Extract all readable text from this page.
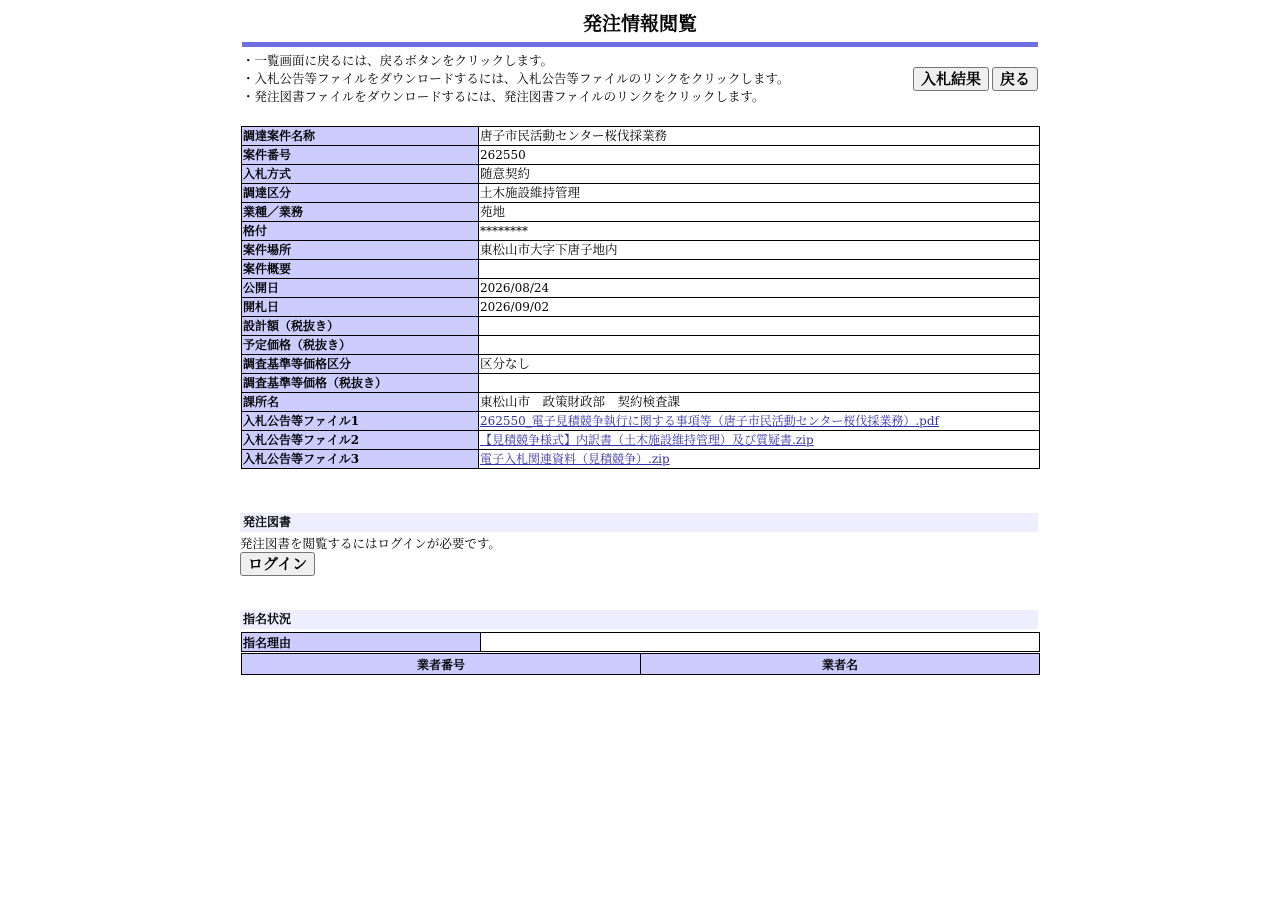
発注情報閲覧
・一覧画面に戻るには、戻るボタンをクリックします。
・入札公告等ファイルをダウンロードするには、入札公告等ファイルのリンクをクリックします。
・発注図書ファイルをダウンロードするには、発注図書ファイルのリンクをクリックします。
入札結果	戻る
調達案件名称	唐子市民活動センター桜伐採業務
案件番号	262550
入札方式	随意契約
調達区分	土木施設維持管理
業種／業務	苑地
格付	********
案件場所	東松山市大字下唐子地内
案件概要	
公開日	2026/08/24
開札日	2026/09/02
設計額（税抜き）	
予定価格（税抜き）	
調査基準等価格区分	区分なし
調査基準等価格（税抜き）	
課所名	東松山市　政策財政部　契約検査課
入札公告等ファイル1	262550_電子見積競争執行に関する事項等（唐子市民活動センター桜伐採業務）.pdf
入札公告等ファイル2	【見積競争様式】内訳書（土木施設維持管理）及び質疑書.zip
入札公告等ファイル3	電子入札関連資料（見積競争）.zip
発注図書
発注図書を閲覧するにはログインが必要です。
ログイン
指名状況
指名理由	
業者番号	業者名
